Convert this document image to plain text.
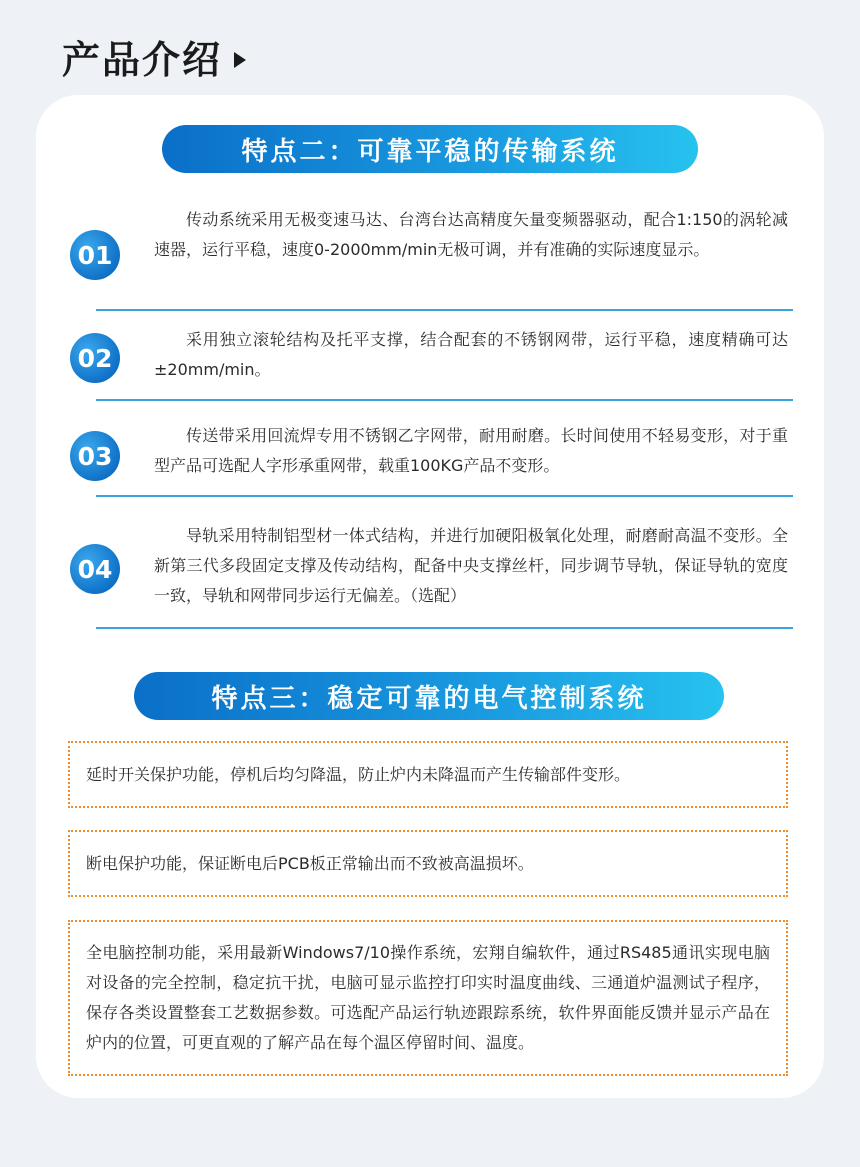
产品介绍
特点二：可靠平稳的传输系统
01

传动系统采用无极变速马达、台湾台达高精度矢量变频器驱动，配合1:150的涡轮减速器，运行平稳，速度0-2000mm/min无极可调，并有准确的实际速度显示。

02

采用独立滚轮结构及托平支撑，结合配套的不锈钢网带，运行平稳，速度精确可达±20mm/min。

03

传送带采用回流焊专用不锈钢乙字网带，耐用耐磨。长时间使用不轻易变形，对于重型产品可选配人字形承重网带，载重100KG产品不变形。

04

导轨采用特制铝型材一体式结构，并进行加硬阳极氧化处理，耐磨耐高温不变形。全新第三代多段固定支撑及传动结构，配备中央支撑丝杆，同步调节导轨，保证导轨的宽度一致，导轨和网带同步运行无偏差。（选配）

特点三：稳定可靠的电气控制系统
延时开关保护功能，停机后均匀降温，防止炉内未降温而产生传输部件变形。
断电保护功能，保证断电后PCB板正常输出而不致被高温损坏。
全电脑控制功能，采用最新Windows7/10操作系统，宏翔自编软件，通过RS485通讯实现电脑对设备的完全控制，稳定抗干扰，电脑可显示监控打印实时温度曲线、三通道炉温测试子程序，保存各类设置整套工艺数据参数。可选配产品运行轨迹跟踪系统，软件界面能反馈并显示产品在炉内的位置，可更直观的了解产品在每个温区停留时间、温度。
